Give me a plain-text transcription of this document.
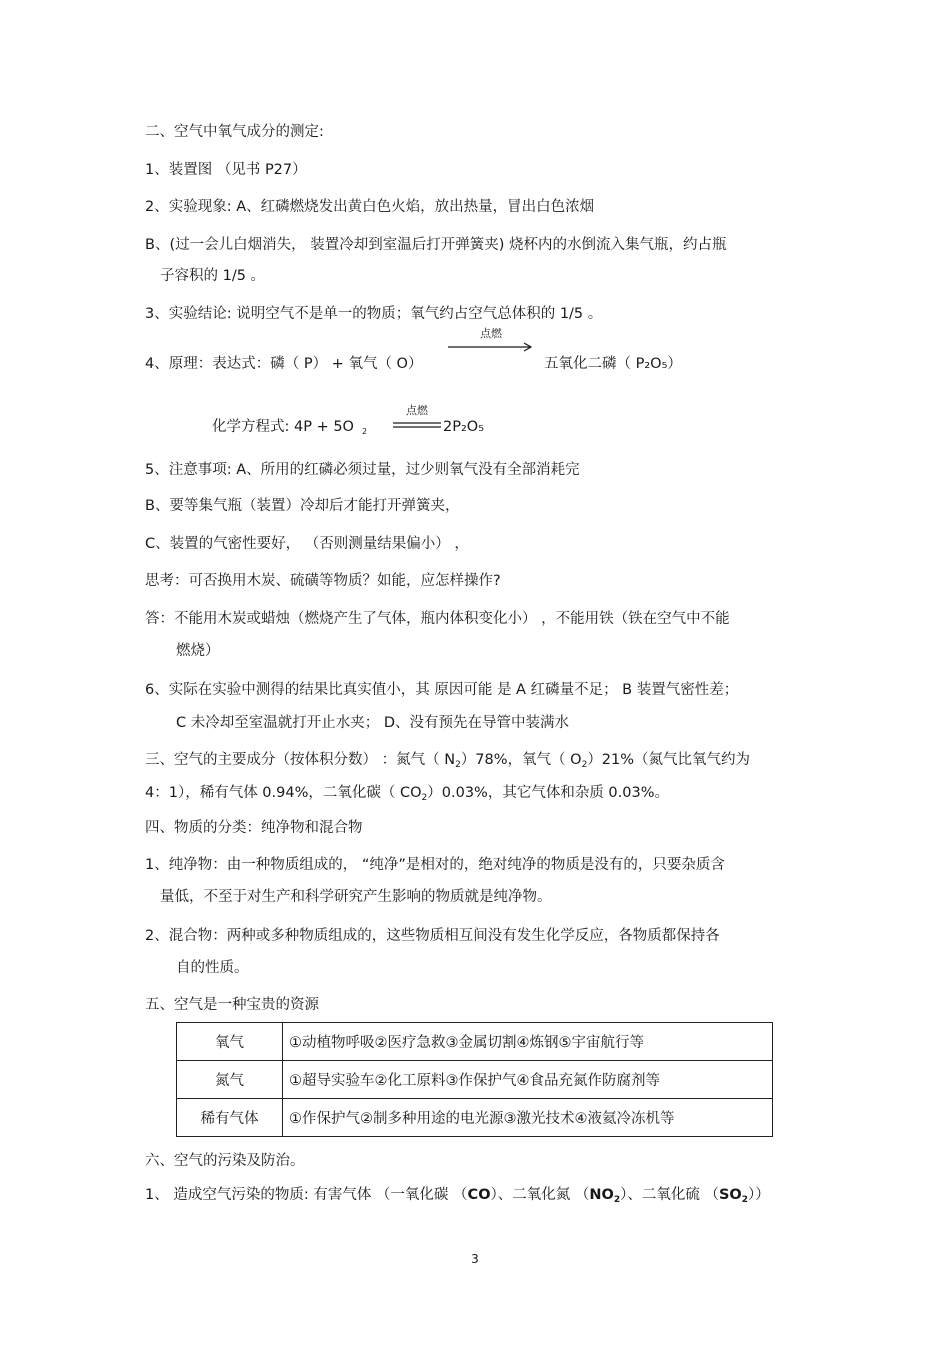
二、空气中氧气成分的测定:
1、装置图 （见书 P27）
2、实验现象: A、红磷燃烧发出黄白色火焰，放出热量，冒出白色浓烟
B、(过一会儿白烟消失， 装置冷却到室温后打开弹簧夹) 烧杯内的水倒流入集气瓶，约占瓶
子容积的 1/5 。
3、实验结论: 说明空气不是单一的物质；氧气约占空气总体积的 1/5 。
4、原理：表达式：磷（ P） + 氧气（ O）
点燃
五氧化二磷（ P₂O₅）
化学方程式: 4P + 5O $_2$
点燃
2P₂O₅
5、注意事项: A、所用的红磷必须过量，过少则氧气没有全部消耗完
B、要等集气瓶（装置）冷却后才能打开弹簧夹，
C、装置的气密性要好， （否则测量结果偏小） ，
思考：可否换用木炭、硫磺等物质？如能，应怎样操作?
答：不能用木炭或蜡烛（燃烧产生了气体，瓶内体积变化小） ，不能用铁（铁在空气中不能
燃烧）
6、实际在实验中测得的结果比真实值小，其 原因可能 是 A 红磷量不足； B 装置气密性差；
C 未冷却至室温就打开止水夹； D、没有预先在导管中装满水
三、空气的主要成分（按体积分数） ：氮气（ $N_2)78\%$，氧气（ $O_2)21\%$（氮气比氧气约为
4：1），稀有气体 0.94%，二氧化碳（ $CO_2)0.03\%$，其它气体和杂质 0.03%。
四、物质的分类：纯净物和混合物
1、纯净物：由一种物质组成的， “纯净”是相对的，绝对纯净的物质是没有的，只要杂质含
量低，不至于对生产和科学研究产生影响的物质就是纯净物。
2、混合物：两种或多种物质组成的，这些物质相互间没有发生化学反应，各物质都保持各
自的性质。
五、空气是一种宝贵的资源
氧气	①动植物呼吸②医疗急救③金属切割④炼钢⑤宇宙航行等
氮气	①超导实验车②化工原料③作保护气④食品充氮作防腐剂等
稀有气体	①作保护气②制多种用途的电光源③激光技术④液氦冷冻机等
六、空气的污染及防治。
1、 造成空气污染的物质: 有害气体 （一氧化碳 （CO）、二氧化氮 $(NO_2)$、二氧化硫 $(SO_2)$）
3
